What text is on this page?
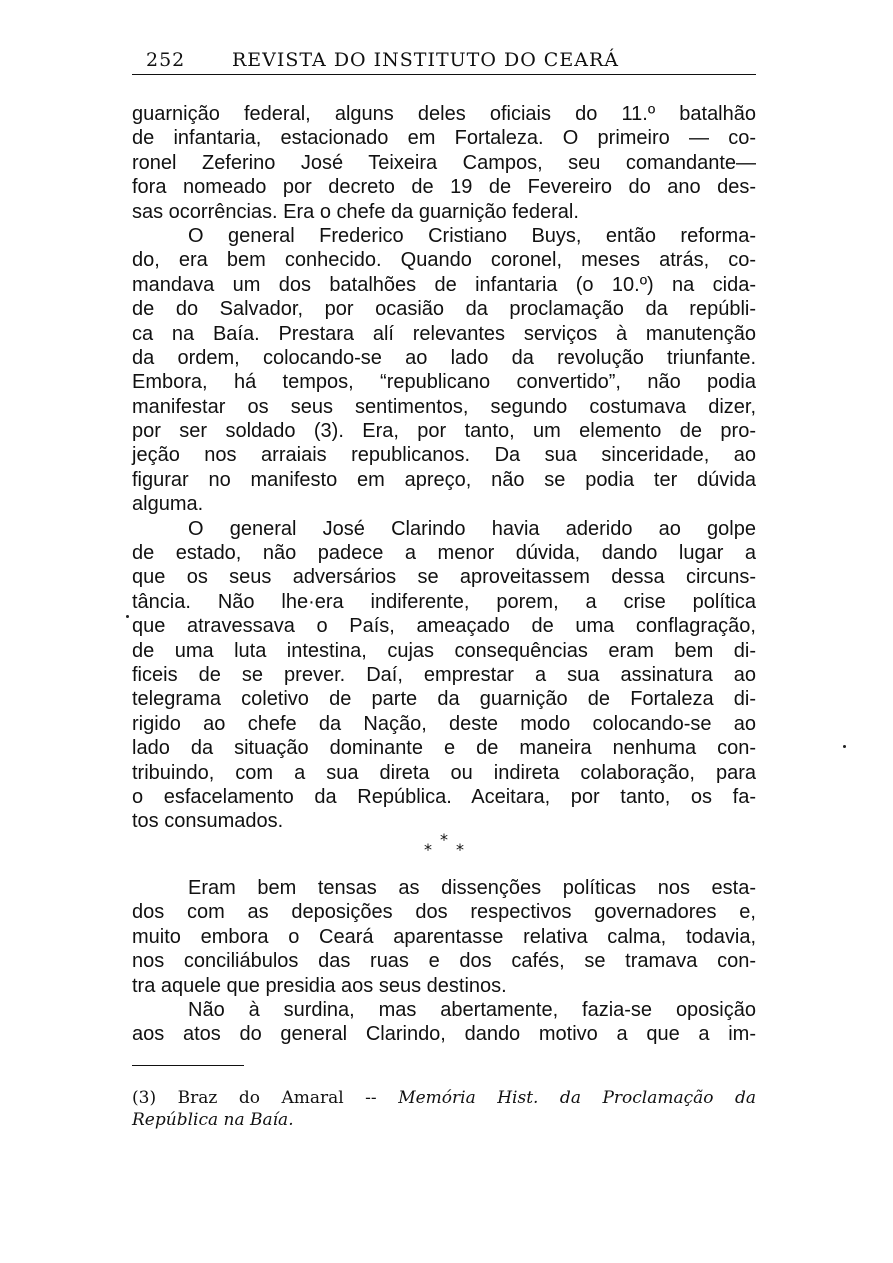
252 REVISTA DO INSTITUTO DO CEARÁ
guarnição federal, alguns deles oficiais do 11.º batalhão
de infantaria, estacionado em Fortaleza. O primeiro — co-
ronel Zeferino José Teixeira Campos, seu comandante—
fora nomeado por decreto de 19 de Fevereiro do ano des-
sas ocorrências. Era o chefe da guarnição federal.
O general Frederico Cristiano Buys, então reforma-
do, era bem conhecido. Quando coronel, meses atrás, co-
mandava um dos batalhões de infantaria (o 10.º) na cida-
de do Salvador, por ocasião da proclamação da repúbli-
ca na Baía. Prestara alí relevantes serviços à manutenção
da ordem, colocando-se ao lado da revolução triunfante.
Embora, há tempos, “republicano convertido”, não podia
manifestar os seus sentimentos, segundo costumava dizer,
por ser soldado (3). Era, por tanto, um elemento de pro-
jeção nos arraiais republicanos. Da sua sinceridade, ao
figurar no manifesto em apreço, não se podia ter dúvida
alguma.
O general José Clarindo havia aderido ao golpe
de estado, não padece a menor dúvida, dando lugar a
que os seus adversários se aproveitassem dessa circuns-
tância. Não lhe·era indiferente, porem, a crise política
que atravessava o País, ameaçado de uma conflagração,
de uma luta intestina, cujas consequências eram bem di-
ficeis de se prever. Daí, emprestar a sua assinatura ao
telegrama coletivo de parte da guarnição de Fortaleza di-
rigido ao chefe da Nação, deste modo colocando-se ao
lado da situação dominante e de maneira nenhuma con-
tribuindo, com a sua direta ou indireta colaboração, para
o esfacelamento da República. Aceitara, por tanto, os fa-
tos consumados.
*
*
*
Eram bem tensas as dissenções políticas nos esta-
dos com as deposições dos respectivos governadores e,
muito embora o Ceará aparentasse relativa calma, todavia,
nos conciliábulos das ruas e dos cafés, se tramava con-
tra aquele que presidia aos seus destinos.
Não à surdina, mas abertamente, fazia-se oposição
aos atos do general Clarindo, dando motivo a que a im-
(3) Braz do Amaral -- Memória Hist. da Proclamação da
República na Baía.
